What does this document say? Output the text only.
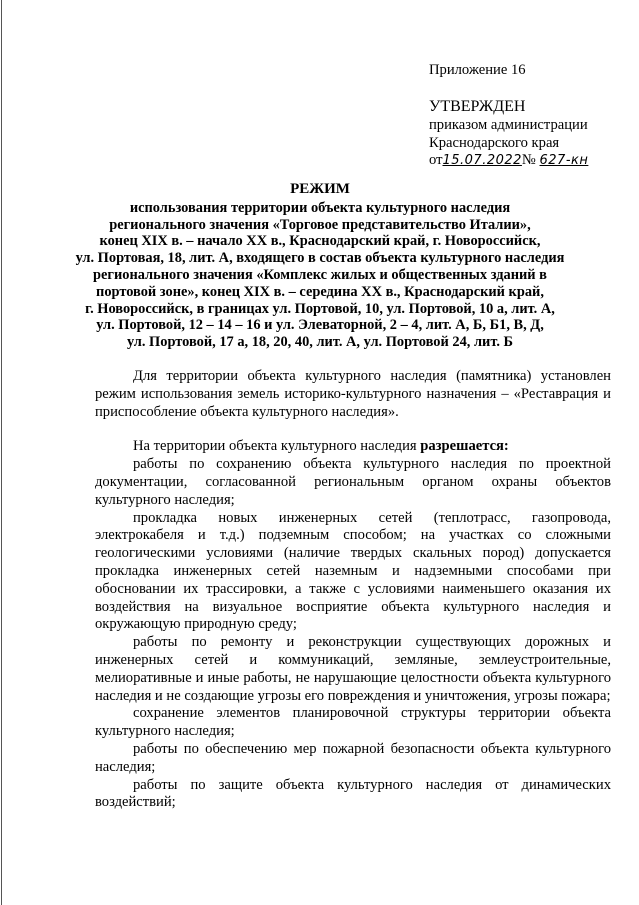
Приложение 16
УТВЕРЖДЕН
приказом администрации
Краснодарского края
от15.07.2022№ 627-кн
РЕЖИМ
использования территории объекта культурного наследия
регионального значения «Торговое представительство Италии»,
конец XIX в. – начало XX в., Краснодарский край, г. Новороссийск,
ул. Портовая, 18, лит. А, входящего в состав объекта культурного наследия
регионального значения «Комплекс жилых и общественных зданий в
портовой зоне», конец XIX в. – середина XX в., Краснодарский край,
г. Новороссийск, в границах ул. Портовой, 10, ул. Портовой, 10 а, лит. А,
ул. Портовой, 12 – 14 – 16 и ул. Элеваторной, 2 – 4, лит. А, Б, Б1, В, Д,
ул. Портовой, 17 а, 18, 20, 40, лит. А, ул. Портовой 24, лит. Б

Для территории объекта культурного наследия (памятника) установлен режим использования земель историко-культурного назначения – «Реставрация и приспособление объекта культурного наследия».

На территории объекта культурного наследия разрешается:

работы по сохранению объекта культурного наследия по проектной документации, согласованной региональным органом охраны объектов культурного наследия;

прокладка новых инженерных сетей (теплотрасс, газопровода, электрокабеля и т.д.) подземным способом; на участках со сложными геологическими условиями (наличие твердых скальных пород) допускается прокладка инженерных сетей наземным и надземными способами при обосновании их трассировки, а также с условиями наименьшего оказания их воздействия на визуальное восприятие объекта культурного наследия и окружающую природную среду;

работы по ремонту и реконструкции существующих дорожных и инженерных сетей и коммуникаций, земляные, землеустроительные, мелиоративные и иные работы, не нарушающие целостности объекта культурного наследия и не создающие угрозы его повреждения и уничтожения, угрозы пожара;

сохранение элементов планировочной структуры территории объекта культурного наследия;

работы по обеспечению мер пожарной безопасности объекта культурного наследия;

работы по защите объекта культурного наследия от динамических воздействий;
